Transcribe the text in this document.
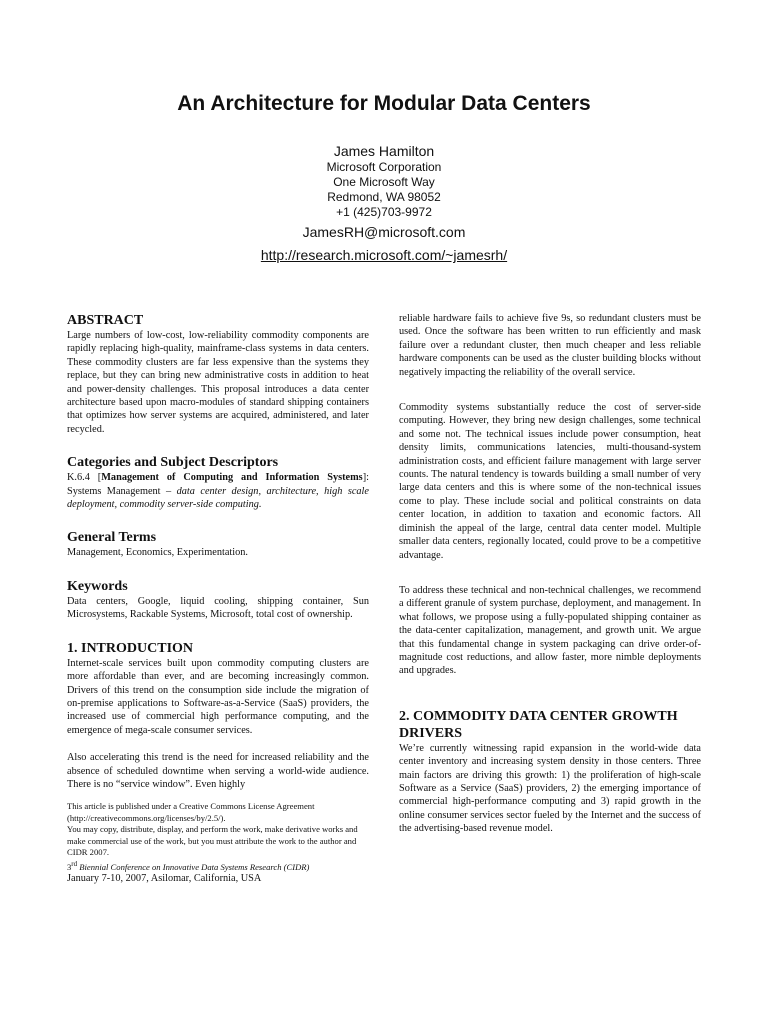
An Architecture for Modular Data Centers
James Hamilton
Microsoft Corporation
One Microsoft Way
Redmond, WA 98052
+1 (425)703-9972
JamesRH@microsoft.com
http://research.microsoft.com/~jamesrh/
ABSTRACT

Large numbers of low-cost, low-reliability commodity components are rapidly replacing high-quality, mainframe-class systems in data centers. These commodity clusters are far less expensive than the systems they replace, but they can bring new administrative costs in addition to heat and power-density challenges. This proposal introduces a data center architecture based upon macro-modules of standard shipping containers that optimizes how server systems are acquired, administered, and later recycled.

Categories and Subject Descriptors

K.6.4 [Management of Computing and Information Systems]: Systems Management – data center design, architecture, high scale deployment, commodity server-side computing.

General Terms

Management, Economics, Experimentation.

Keywords

Data centers, Google, liquid cooling, shipping container, Sun Microsystems, Rackable Systems, Microsoft, total cost of ownership.

1. INTRODUCTION

Internet-scale services built upon commodity computing clusters are more affordable than ever, and are becoming increasingly common. Drivers of this trend on the consumption side include the migration of on-premise applications to Software-as-a-Service (SaaS) providers, the increased use of commercial high performance computing, and the emergence of mega-scale consumer services.

Also accelerating this trend is the need for increased reliability and the absence of scheduled downtime when serving a world-wide audience. There is no “service window”. Even highly

This article is published under a Creative Commons License Agreement (http://creativecommons.org/licenses/by/2.5/).

You may copy, distribute, display, and perform the work, make derivative works and make commercial use of the work, but you must attribute the work to the author and CIDR 2007.

3rd Biennial Conference on Innovative Data Systems Research (CIDR)

January 7-10, 2007, Asilomar, California, USA

reliable hardware fails to achieve five 9s, so redundant clusters must be used. Once the software has been written to run efficiently and mask failure over a redundant cluster, then much cheaper and less reliable hardware components can be used as the cluster building blocks without negatively impacting the reliability of the overall service.

Commodity systems substantially reduce the cost of server-side computing. However, they bring new design challenges, some technical and some not. The technical issues include power consumption, heat density limits, communications latencies, multi-thousand-system administration costs, and efficient failure management with large server counts. The natural tendency is towards building a small number of very large data centers and this is where some of the non-technical issues come to play. These include social and political constraints on data center location, in addition to taxation and economic factors. All diminish the appeal of the large, central data center model. Multiple smaller data centers, regionally located, could prove to be a competitive advantage.

To address these technical and non-technical challenges, we recommend a different granule of system purchase, deployment, and management. In what follows, we propose using a fully-populated shipping container as the data-center capitalization, management, and growth unit. We argue that this fundamental change in system packaging can drive order-of-magnitude cost reductions, and allow faster, more nimble deployments and upgrades.

2. COMMODITY DATA CENTER GROWTH DRIVERS

We’re currently witnessing rapid expansion in the world-wide data center inventory and increasing system density in those centers. Three main factors are driving this growth: 1) the proliferation of high-scale Software as a Service (SaaS) providers, 2) the emerging importance of commercial high-performance computing and 3) rapid growth in the online consumer services sector fueled by the Internet and the success of the advertising-based revenue model.
